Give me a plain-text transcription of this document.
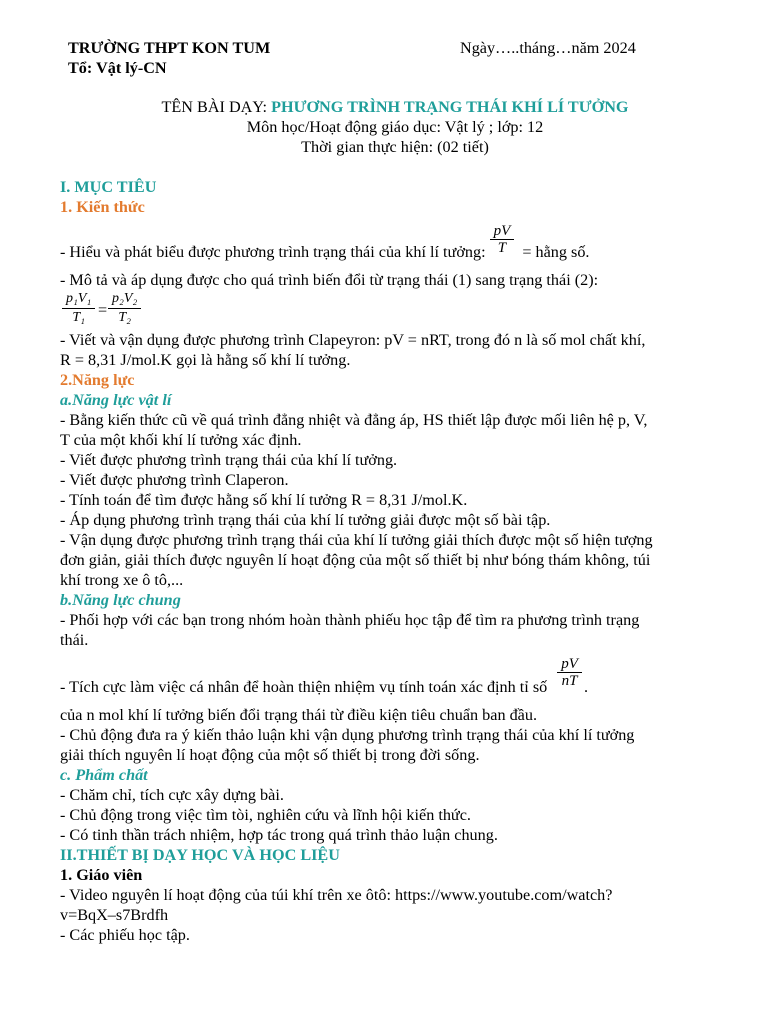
TRƯỜNG THPT KON TUM
Tổ: Vật lý-CN
Ngày…..tháng…năm 2024
TÊN BÀI DẠY: PHƯƠNG TRÌNH TRẠNG THÁI KHÍ LÍ TƯỞNG
Môn học/Hoạt động giáo dục: Vật lý ; lớp: 12
Thời gian thực hiện: (02 tiết)
I. MỤC TIÊU
1. Kiến thức
- Hiểu và phát biểu được phương trình trạng thái của khí lí tưởng: $\frac{pV}{T}$ = hằng số.
- Mô tả và áp dụng được cho quá trình biến đổi từ trạng thái (1) sang trạng thái (2):
$\frac{\text{p₁V₁}}{\text{T₁}} = \frac{\text{p₂V₂}}{\text{T₂}}$
- Viết và vận dụng được phương trình Clapeyron: pV = nRT, trong đó n là số mol chất khí,
R = 8,31 J/mol.K gọi là hằng số khí lí tưởng.
2.Năng lực
a.Năng lực vật lí
- Bằng kiến thức cũ về quá trình đẳng nhiệt và đẳng áp, HS thiết lập được mối liên hệ p, V,
T của một khối khí lí tưởng xác định.
- Viết được phương trình trạng thái của khí lí tưởng.
- Viết được phương trình Claperon.
- Tính toán để tìm được hằng số khí lí tưởng R = 8,31 J/mol.K.
- Áp dụng phương trình trạng thái của khí lí tưởng giải được một số bài tập.
- Vận dụng được phương trình trạng thái của khí lí tưởng giải thích được một số hiện tượng
đơn giản, giải thích được nguyên lí hoạt động của một số thiết bị như bóng thám không, túi
khí trong xe ô tô,...
b.Năng lực chung
- Phối hợp với các bạn trong nhóm hoàn thành phiếu học tập để tìm ra phương trình trạng
thái.
- Tích cực làm việc cá nhân để hoàn thiện nhiệm vụ tính toán xác định tỉ số $\frac{pV}{nT}$ .
của n mol khí lí tưởng biến đổi trạng thái từ điều kiện tiêu chuẩn ban đầu.
- Chủ động đưa ra ý kiến thảo luận khi vận dụng phương trình trạng thái của khí lí tưởng
giải thích nguyên lí hoạt động của một số thiết bị trong đời sống.
c. Phẩm chất
- Chăm chỉ, tích cực xây dựng bài.
- Chủ động trong việc tìm tòi, nghiên cứu và lĩnh hội kiến thức.
- Có tinh thần trách nhiệm, hợp tác trong quá trình thảo luận chung.
II.THIẾT BỊ DẠY HỌC VÀ HỌC LIỆU
1. Giáo viên
- Video nguyên lí hoạt động của túi khí trên xe ôtô: https://www.youtube.com/watch?
v=BqX–s7Brdfh
- Các phiếu học tập.
